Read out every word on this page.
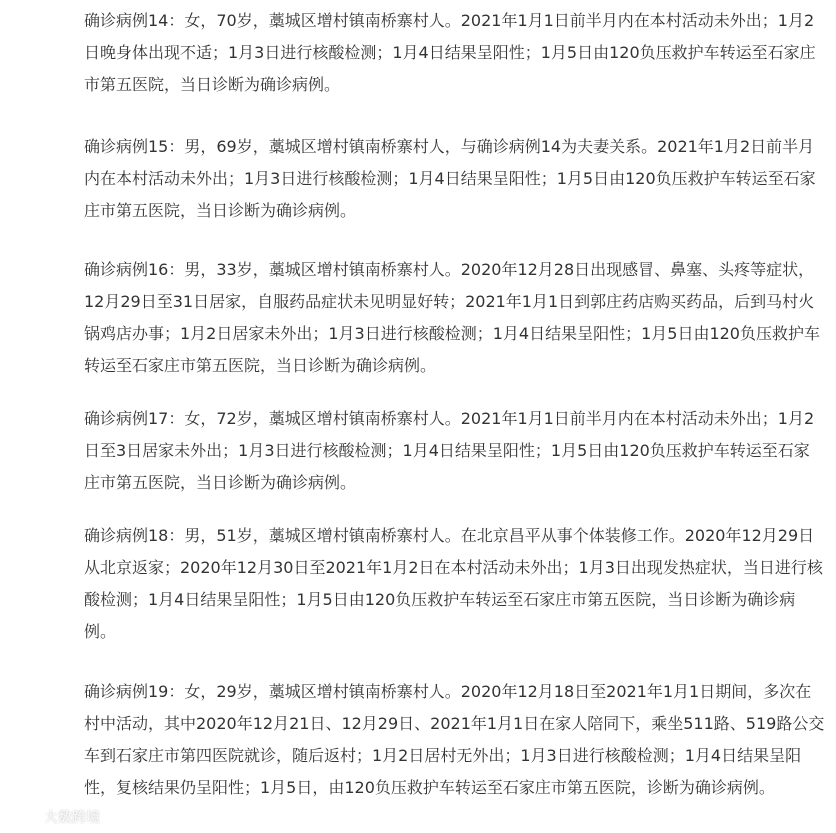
确诊病例14：女，70岁，藁城区增村镇南桥寨村人。2021年1月1日前半月内在本村活动未外出；1月2日晚身体出现不适；1月3日进行核酸检测；1月4日结果呈阳性；1月5日由120负压救护车转运至石家庄市第五医院，当日诊断为确诊病例。

确诊病例15：男，69岁，藁城区增村镇南桥寨村人，与确诊病例14为夫妻关系。2021年1月2日前半月内在本村活动未外出；1月3日进行核酸检测；1月4日结果呈阳性；1月5日由120负压救护车转运至石家庄市第五医院，当日诊断为确诊病例。

确诊病例16：男，33岁，藁城区增村镇南桥寨村人。2020年12月28日出现感冒、鼻塞、头疼等症状，12月29日至31日居家，自服药品症状未见明显好转；2021年1月1日到郭庄药店购买药品，后到马村火锅鸡店办事；1月2日居家未外出；1月3日进行核酸检测；1月4日结果呈阳性；1月5日由120负压救护车转运至石家庄市第五医院，当日诊断为确诊病例。

确诊病例17：女，72岁，藁城区增村镇南桥寨村人。2021年1月1日前半月内在本村活动未外出；1月2日至3日居家未外出；1月3日进行核酸检测；1月4日结果呈阳性；1月5日由120负压救护车转运至石家庄市第五医院，当日诊断为确诊病例。

确诊病例18：男，51岁，藁城区增村镇南桥寨村人。在北京昌平从事个体装修工作。2020年12月29日从北京返家；2020年12月30日至2021年1月2日在本村活动未外出；1月3日出现发热症状，当日进行核酸检测；1月4日结果呈阳性；1月5日由120负压救护车转运至石家庄市第五医院，当日诊断为确诊病例。

确诊病例19：女，29岁，藁城区增村镇南桥寨村人。2020年12月18日至2021年1月1日期间，多次在村中活动，其中2020年12月21日、12月29日、2021年1月1日在家人陪同下，乘坐511路、519路公交车到石家庄市第四医院就诊，随后返村；1月2日居村无外出；1月3日进行核酸检测；1月4日结果呈阳性，复核结果仍呈阳性；1月5日，由120负压救护车转运至石家庄市第五医院，诊断为确诊病例。

大数跨境
